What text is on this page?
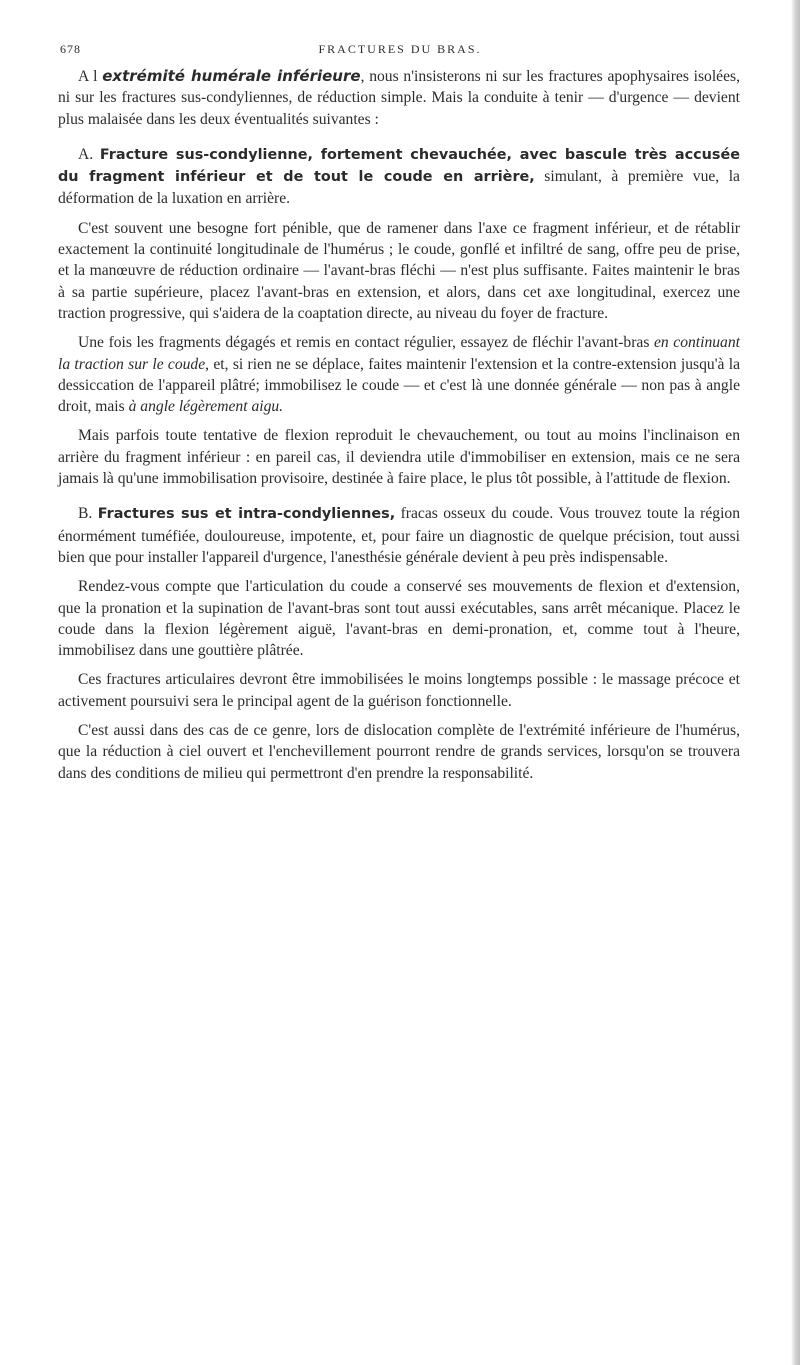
678	FRACTURES DU BRAS.

A l extrémité humérale inférieure, nous n'insisterons ni sur les fractures apophysaires isolées, ni sur les fractures sus-condyliennes, de réduction simple. Mais la conduite à tenir — d'urgence — devient plus malaisée dans les deux éventualités suivantes :

A. Fracture sus-condylienne, fortement chevauchée, avec bascule très accusée du fragment inférieur et de tout le coude en arrière, simulant, à première vue, la déformation de la luxation en arrière.

C'est souvent une besogne fort pénible, que de ramener dans l'axe ce fragment inférieur, et de rétablir exactement la continuité longitudinale de l'humérus ; le coude, gonflé et infiltré de sang, offre peu de prise, et la manœuvre de réduction ordinaire — l'avant-bras fléchi — n'est plus suffisante. Faites maintenir le bras à sa partie supérieure, placez l'avant-bras en extension, et alors, dans cet axe longitudinal, exercez une traction progressive, qui s'aidera de la coaptation directe, au niveau du foyer de fracture.

Une fois les fragments dégagés et remis en contact régulier, essayez de fléchir l'avant-bras en continuant la traction sur le coude, et, si rien ne se déplace, faites maintenir l'extension et la contre-extension jusqu'à la dessiccation de l'appareil plâtré; immobilisez le coude — et c'est là une donnée générale — non pas à angle droit, mais à angle légèrement aigu.

Mais parfois toute tentative de flexion reproduit le chevauchement, ou tout au moins l'inclinaison en arrière du fragment inférieur : en pareil cas, il deviendra utile d'immobiliser en extension, mais ce ne sera jamais là qu'une immobilisation provisoire, destinée à faire place, le plus tôt possible, à l'attitude de flexion.

B. Fractures sus et intra-condyliennes, fracas osseux du coude. Vous trouvez toute la région énormément tuméfiée, douloureuse, impotente, et, pour faire un diagnostic de quelque précision, tout aussi bien que pour installer l'appareil d'urgence, l'anesthésie générale devient à peu près indispensable.

Rendez-vous compte que l'articulation du coude a conservé ses mouvements de flexion et d'extension, que la pronation et la supination de l'avant-bras sont tout aussi exécutables, sans arrêt mécanique. Placez le coude dans la flexion légèrement aiguë, l'avant-bras en demi-pronation, et, comme tout à l'heure, immobilisez dans une gouttière plâtrée.

Ces fractures articulaires devront être immobilisées le moins longtemps possible : le massage précoce et activement poursuivi sera le principal agent de la guérison fonctionnelle.

C'est aussi dans des cas de ce genre, lors de dislocation complète de l'extrémité inférieure de l'humérus, que la réduction à ciel ouvert et l'enchevillement pourront rendre de grands services, lorsqu'on se trouvera dans des conditions de milieu qui permettront d'en prendre la responsabilité.
